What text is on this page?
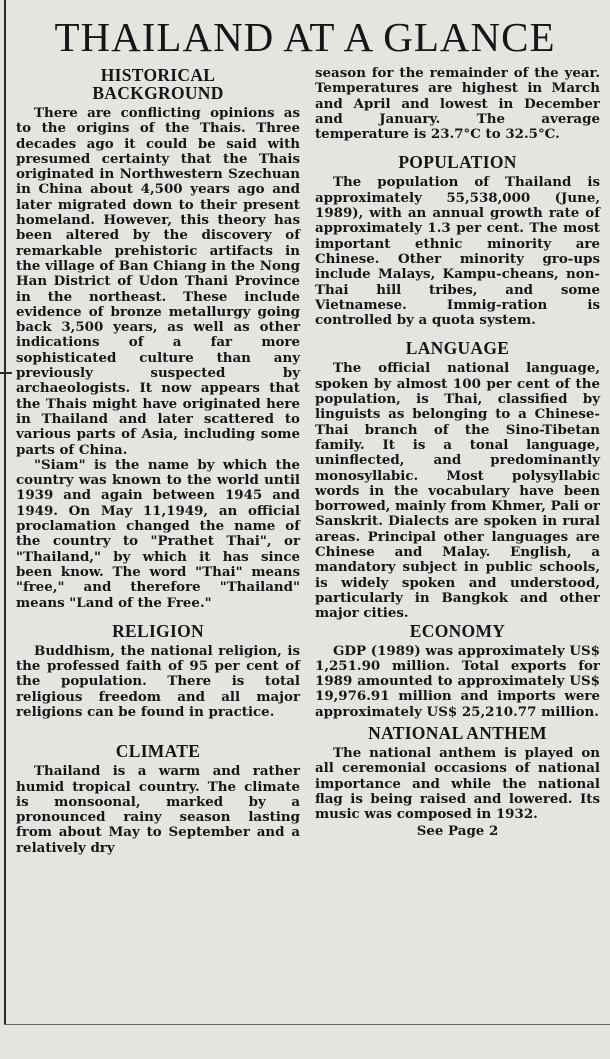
THAILAND AT A GLANCE
HISTORICAL
BACKGROUND

There are conflicting opinions as to the origins of the Thais. Three decades ago it could be said with presumed certainty that the Thais originated in Northwestern Szechuan in China about 4,500 years ago and later migrated down to their present homeland. However, this theory has been altered by the discovery of remarkable prehistoric artifacts in the village of Ban Chiang in the Nong Han District of Udon Thani Province in the northeast. These include evidence of bronze metallurgy going back 3,500 years, as well as other indications of a far more sophisticated culture than any previously suspected by archaeologists. It now appears that the Thais might have originated here in Thailand and later scattered to various parts of Asia, including some parts of China.

"Siam" is the name by which the country was known to the world until 1939 and again between 1945 and 1949. On May 11,1949, an official proclamation changed the name of the country to "Prathet Thai", or "Thailand," by which it has since been know. The word "Thai" means "free," and therefore "Thailand" means "Land of the Free."

RELIGION

Buddhism, the national religion, is the professed faith of 95 per cent of the population. There is total religious freedom and all major religions can be found in practice.

CLIMATE

Thailand is a warm and rather humid tropical country. The climate is monsoonal, marked by a pronounced rainy season lasting from about May to September and a relatively dry

season for the remainder of the year. Temperatures are highest in March and April and lowest in December and January. The average temperature is 23.7°C to 32.5°C.

POPULATION

The population of Thailand is approximately 55,538,000 (June, 1989), with an annual growth rate of approximately 1.3 per cent. The most important ethnic minority are Chinese. Other minority gro-ups include Malays, Kampu-cheans, non-Thai hill tribes, and some Vietnamese. Immig-ration is controlled by a quota system.

LANGUAGE

The official national language, spoken by almost 100 per cent of the population, is Thai, classified by linguists as belonging to a Chinese-Thai branch of the Sino-Tibetan family. It is a tonal language, uninflected, and predominantly monosyllabic. Most polysyllabic words in the vocabulary have been borrowed, mainly from Khmer, Pali or Sanskrit. Dialects are spoken in rural areas. Principal other languages are Chinese and Malay. English, a mandatory subject in public schools, is widely spoken and understood, particularly in Bangkok and other major cities.

ECONOMY

GDP (1989) was approximately US$ 1,251.90 million. Total exports for 1989 amounted to approximately US$ 19,976.91 million and imports were approximately US$ 25,210.77 million.

NATIONAL ANTHEM

The national anthem is played on all ceremonial occasions of national importance and while the national flag is being raised and lowered. Its music was composed in 1932.

See Page 2
